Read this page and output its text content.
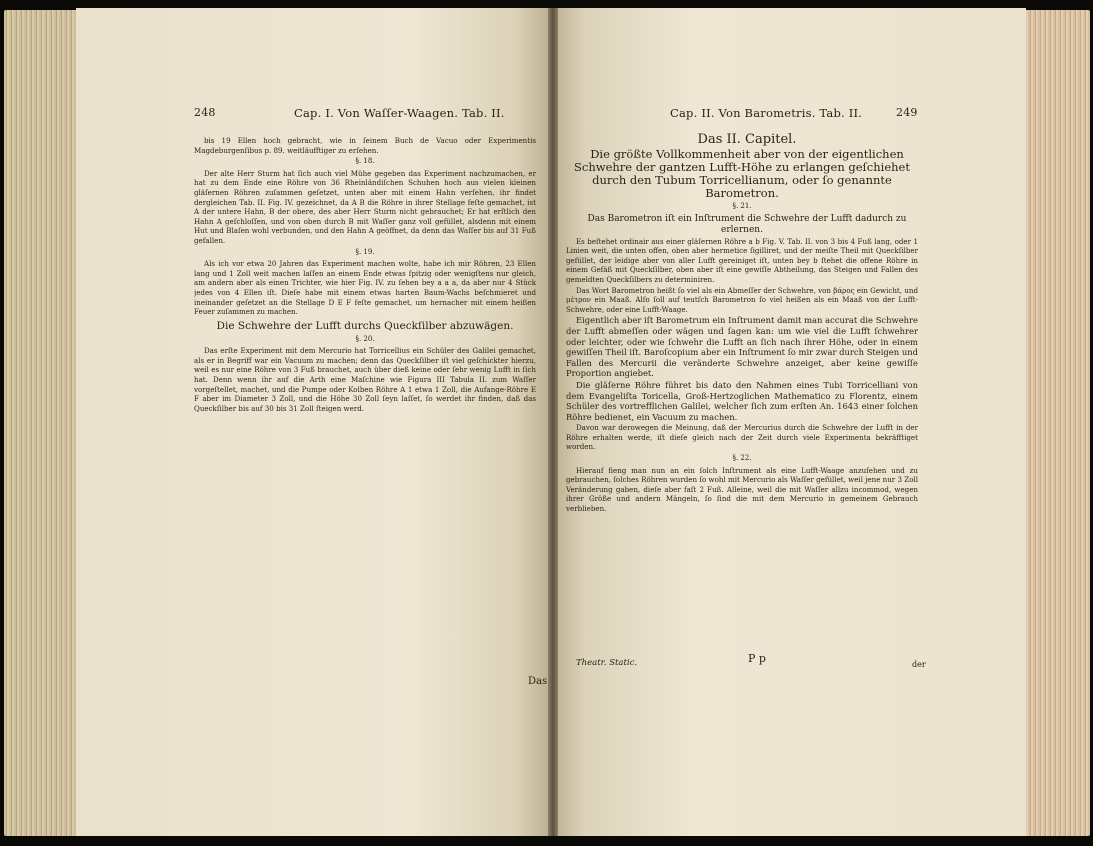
248	Cap. I. Von Waſſer-Waagen. Tab. II.

bis 19 Ellen hoch gebracht, wie in ſeinem Buch de Vacuo oder Experimentis Magdeburgenſibus p. 89. weitläufftiger zu erſehen.

§. 18.

Der alte Herr Sturm hat ſich auch viel Mühe gegeben das Experiment nachzumachen, er hat zu dem Ende eine Röhre von 36 Rheinländiſchen Schuhen hoch aus vielen kleinen gläſernen Röhren zuſammen geſetzet, unten aber mit einem Hahn verſehen, ihr findet dergleichen Tab. II. Fig. IV. gezeichnet, da A B die Röhre in ihrer Stellage feſte gemachet, ist A der untere Hahn, B der obere, des aber Herr Sturm nicht gebrauchet; Er hat erſtlich den Hahn A geſchloſſen, und von oben durch B mit Waſſer ganz voll gefüllet, alsdenn mit einem Hut und Blaſen wohl verbunden, und den Hahn A geöffnet, da denn das Waſſer bis auf 31 Fuß gefallen.

§. 19.

Als ich vor etwa 20 Jahren das Experiment machen wolte, habe ich mir Röhren, 23 Ellen lang und 1 Zoll weit machen laſſen an einem Ende etwas ſpitzig oder wenigſtens nur gleich, am andern aber als einen Trichter, wie hier Fig. IV. zu ſehen bey a a a, da aber nur 4 Stück jedes von 4 Ellen iſt. Dieſe habe mit einem etwas harten Baum-Wachs beſchmieret und ineinander geſetzet an die Stellage D E F feſte gemachet, um hernacher mit einem heißen Feuer zuſammen zu machen.

Die Schwehre der Lufft durchs Queckſilber abzuwägen.

§. 20.

Das erſte Experiment mit dem Mercurio hat Torricellius ein Schüler des Galilei gemachet, als er in Begriff war ein Vacuum zu machen; denn das Queckſilber iſt viel geſchickter hierzu, weil es nur eine Röhre von 3 Fuß brauchet, auch über dieß keine oder ſehr wenig Lufft in ſich hat. Denn wenn ihr auf die Arth eine Maſchine wie Figura III Tabula II. zum Waſſer vorgeſtellet, machet, und die Pumpe oder Kolben Röhre A 1 etwa 1 Zoll, die Aufange-Röhre E F aber im Diameter 3 Zoll, und die Höhe 30 Zoll ſeyn laſſet, ſo werdet ihr finden, daß das Queckſilber bis auf 30 bis 31 Zoll ſteigen werd.

Das
Cap. II. Von Barometris. Tab. II.	249

Das II. Capitel.

Die größte Vollkommenheit aber von der eigentlichen Schwehre der gantzen Lufft-Höhe zu erlangen geſchiehet durch den Tubum Torricellianum, oder ſo genannte Barometron.

§. 21.

Das Barometron iſt ein Inſtrument die Schwehre der Lufft dadurch zu erlernen.

Es beſtehet ordinair aus einer gläſernen Röhre a b Fig. V. Tab. II. von 3 bis 4 Fuß lang, oder 1 Linien weit, die unten offen, oben aber hermetice ſigilliret, und der meiſte Theil mit Queckſilber gefüllet, der leidige aber von aller Lufft gereiniget iſt, unten bey b ſtehet die offene Röhre in einem Gefäß mit Queckſilber, oben aber iſt eine gewiſſe Abtheilung, das Steigen und Fallen des gemeldten Queckſilbers zu determiniren.

Das Wort Barometron heißt ſo viel als ein Abmeſſer der Schwehre, von βάρος ein Gewicht, und μέτρον ein Maaß. Alſo ſoll auf teutſch Barometron ſo viel heißen als ein Maaß von der Lufft-Schwehre, oder eine Lufft-Waage.

Eigentlich aber iſt Barometrum ein Inſtrument damit man accurat die Schwehre der Lufft abmeſſen oder wägen und ſagen kan: um wie viel die Lufft ſchwehrer oder leichter, oder wie ſchwehr die Lufft an ſich nach ihrer Höhe, oder in einem gewiſſen Theil iſt. Baroſcopium aber ein Inſtrument ſo mir zwar durch Steigen und Fallen des Mercurii die veränderte Schwehre anzeiget, aber keine gewiſſe Proportion angiebet.

Die gläſerne Röhre führet bis dato den Nahmen eines Tubi Torricelliani von dem Evangeliſta Toricella, Groß-Hertzoglichen Mathematico zu Florentz, einem Schüler des vortrefflichen Galilei, welcher ſich zum erſten An. 1643 einer ſolchen Röhre bedienet, ein Vacuum zu machen.

Davon war derowegen die Meinung, daß der Mercurius durch die Schwehre der Lufft in der Röhre erhalten werde, iſt dieſe gleich nach der Zeit durch viele Experimenta bekräfftiget worden.

§. 22.

Hierauf fieng man nun an ein ſolch Inſtrument als eine Lufft-Waage anzuſehen und zu gebrauchen, ſolches Röhren wurden ſo wohl mit Mercurio als Waſſer gefüllet, weil jene nur 3 Zoll Veränderung gaben, dieſe aber faſt 2 Fuß. Alleine, weil die mit Waſſer allzu incommod, wegen ihrer Größe und andern Mängeln, ſo ſind die mit dem Mercurio in gemeinem Gebrauch verblieben.

Theatr. Static.	P p	der
